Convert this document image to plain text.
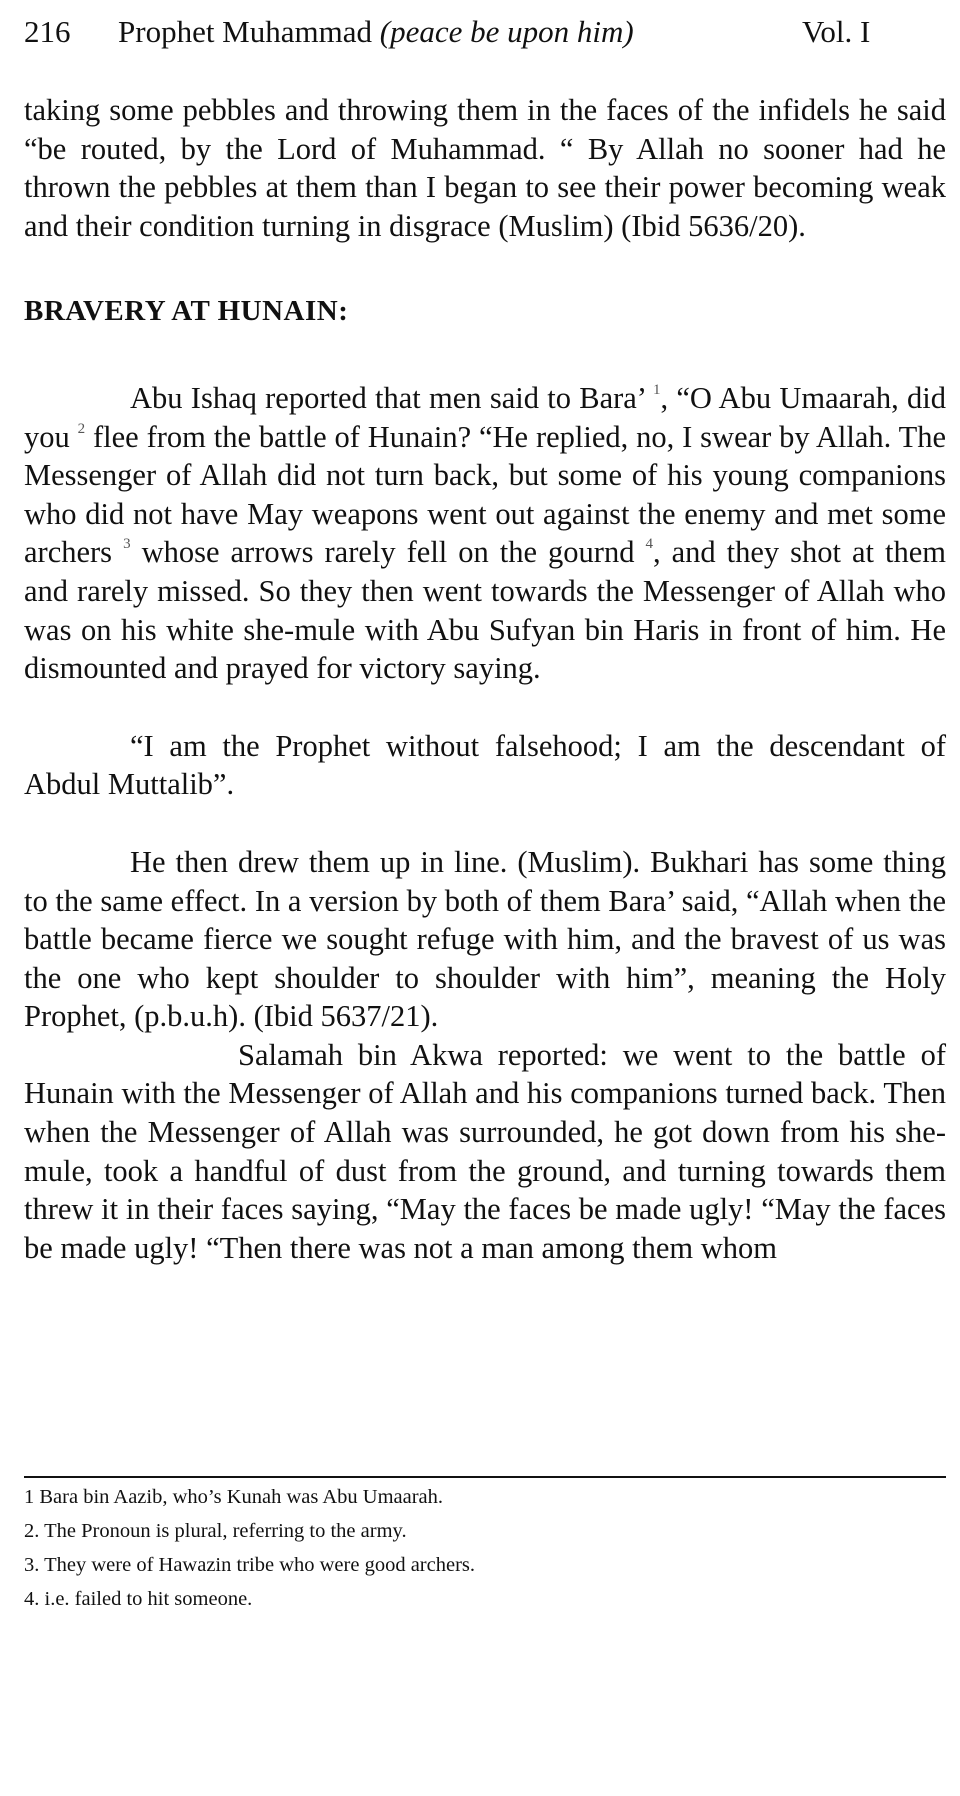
216 Prophet Muhammad (peace be upon him)	Vol. I

taking some pebbles and throwing them in the faces of the infidels he said “be routed, by the Lord of Muhammad. “ By Allah no sooner had he thrown the pebbles at them than I began to see their power becoming weak and their condition turning in disgrace (Muslim) (Ibid 5636/20).

BRAVERY AT HUNAIN:

Abu Ishaq reported that men said to Bara’ $^1$, “O Abu Umaarah, did you $^2$ flee from the battle of Hunain? “He replied, no, I swear by Allah. The Messenger of Allah did not turn back, but some of his young companions who did not have May weapons went out against the enemy and met some archers $^3$ whose arrows rarely fell on the gournd $^4$, and they shot at them and rarely missed. So they then went towards the Messenger of Allah who was on his white she-mule with Abu Sufyan bin Haris in front of him. He dismounted and prayed for victory saying.

“I am the Prophet without falsehood; I am the descendant of Abdul Muttalib”.

He then drew them up in line. (Muslim). Bukhari has some thing to the same effect. In a version by both of them Bara’ said, “Allah when the battle became fierce we sought refuge with him, and the bravest of us was the one who kept shoulder to shoulder with him”, meaning the Holy Prophet, (p.b.u.h). (Ibid 5637/21).

Salamah bin Akwa reported: we went to the battle of Hunain with the Messenger of Allah and his companions turned back. Then when the Messenger of Allah was surrounded, he got down from his she-mule, took a handful of dust from the ground, and turning towards them threw it in their faces saying, “May the faces be made ugly! “May the faces be made ugly! “Then there was not a man among them whom

1 Bara bin Aazib, who’s Kunah was Abu Umaarah.
2. The Pronoun is plural, referring to the army.
3. They were of Hawazin tribe who were good archers.
4. i.e. failed to hit someone.
